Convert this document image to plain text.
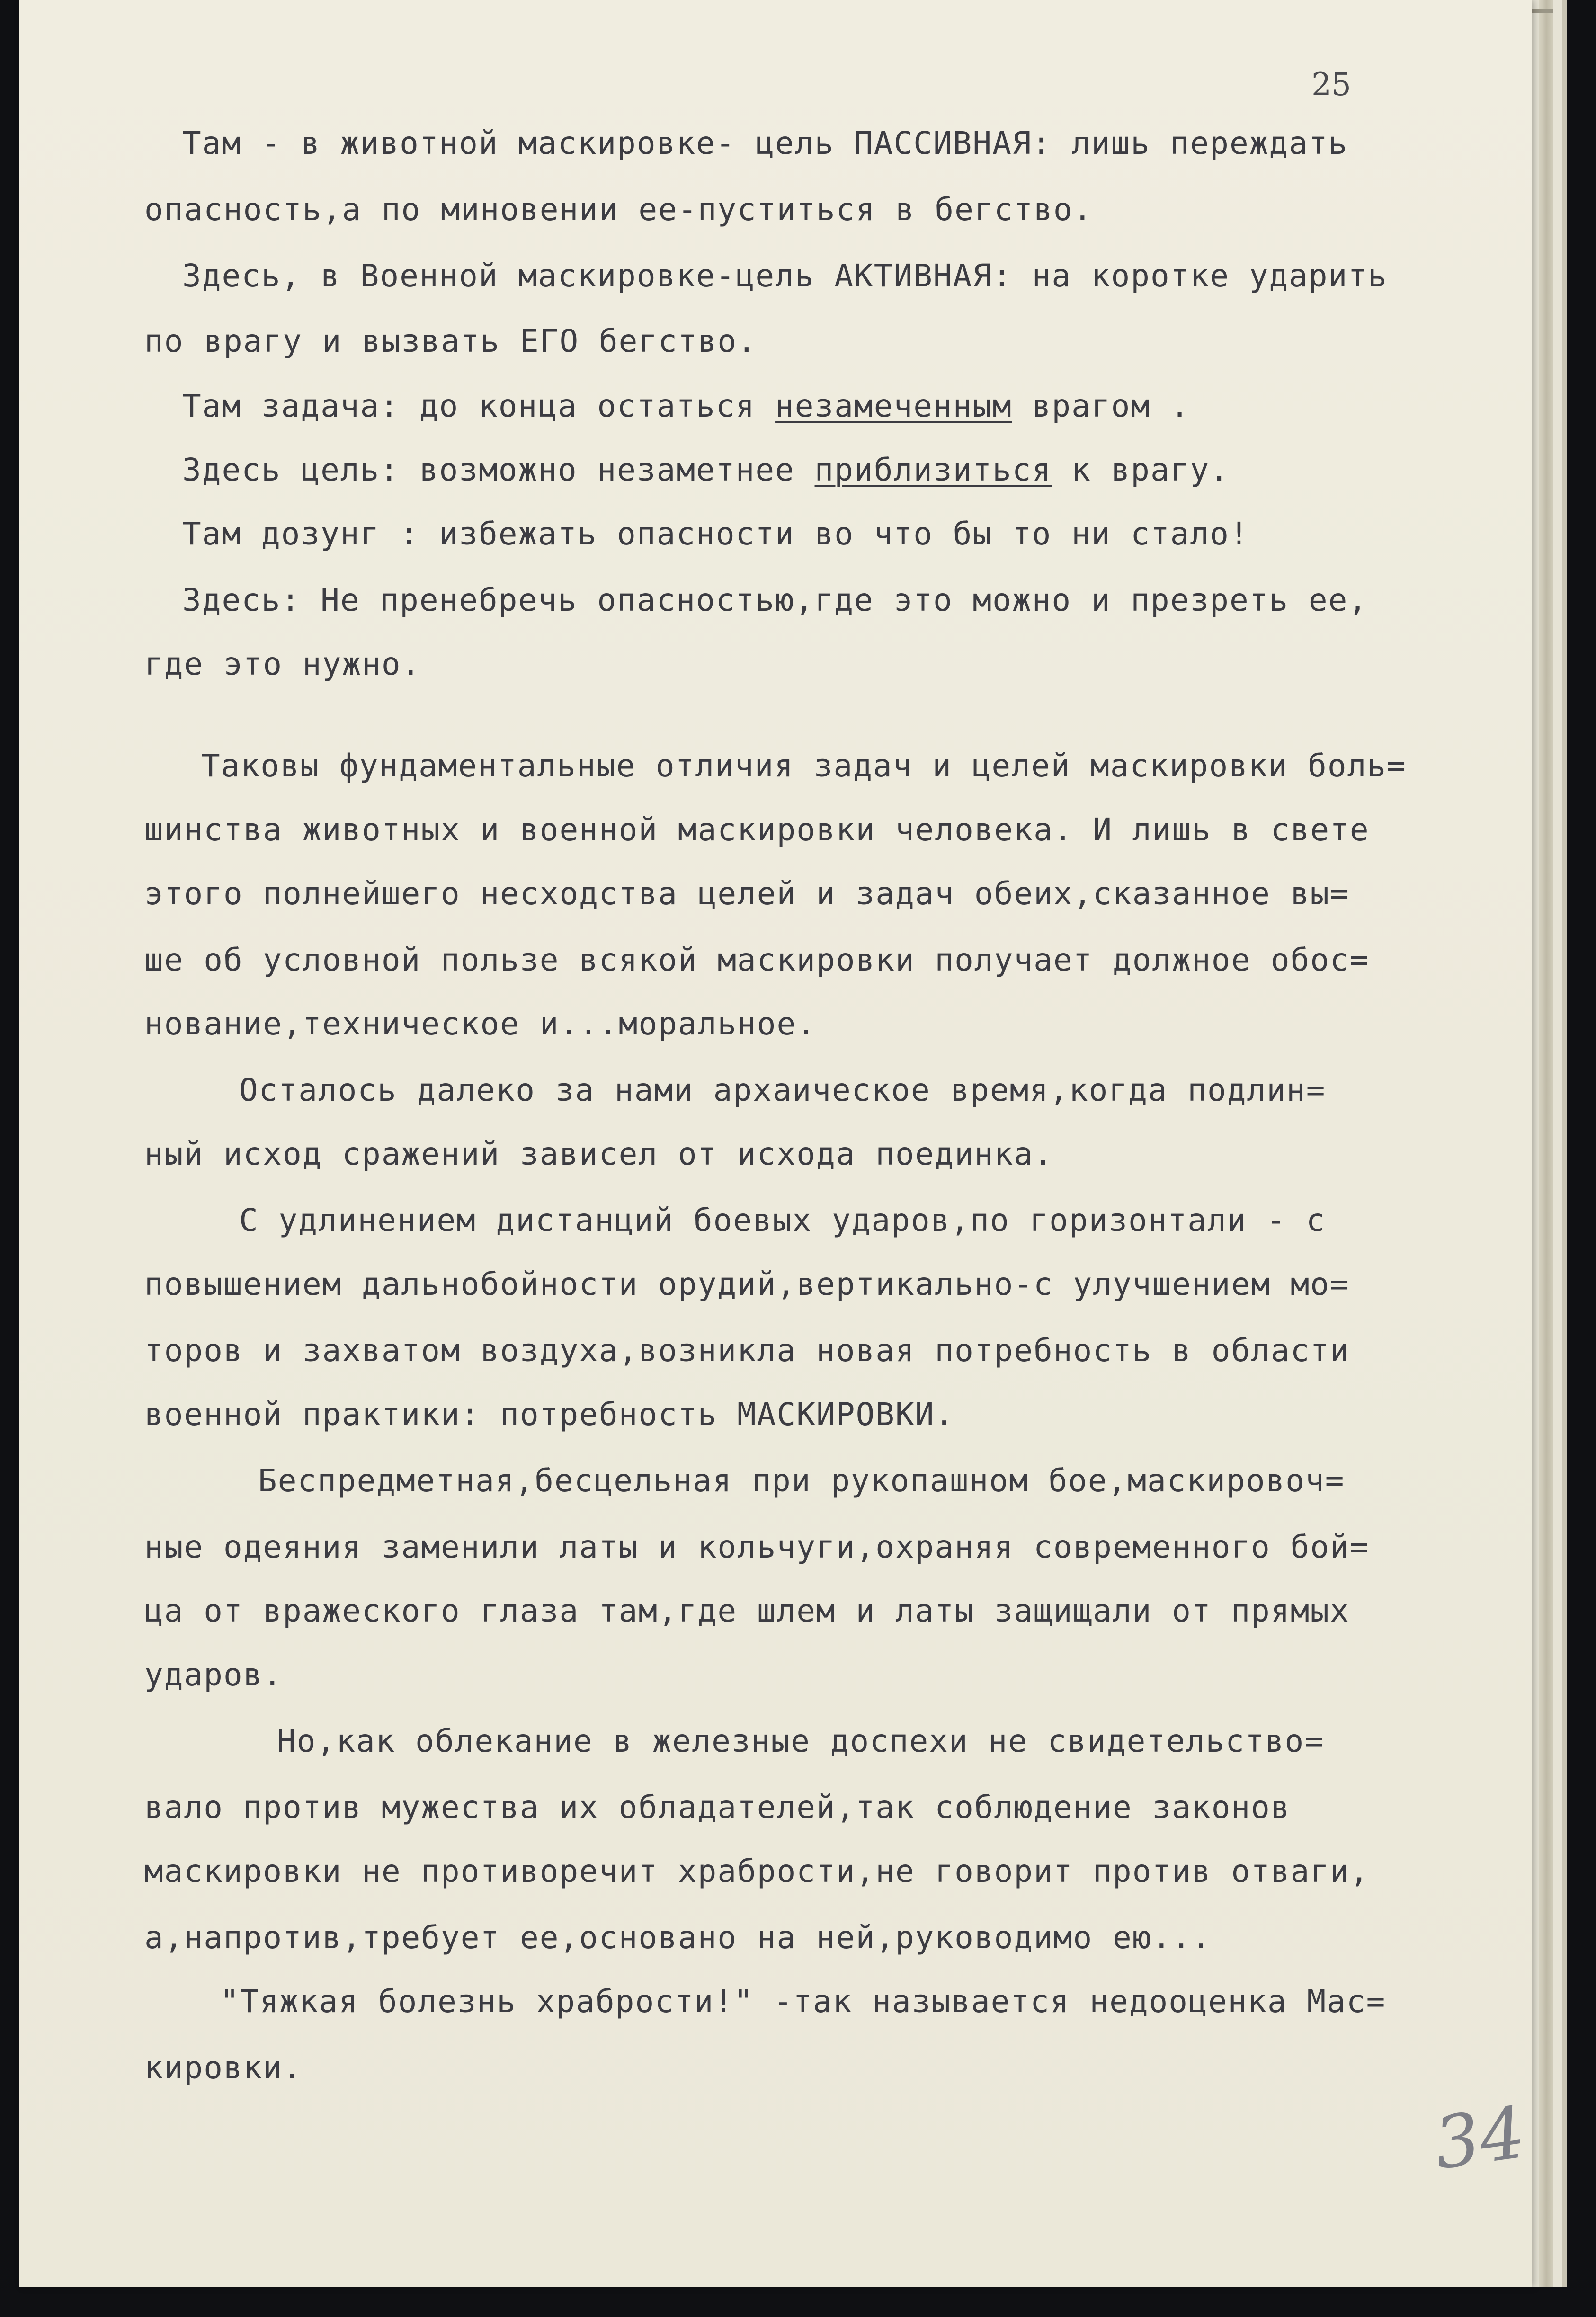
25
Там - в животной маскировке- цель ПАССИВНАЯ: лишь переждать
опасность,а по миновении ее-пуститься в бегство.
Здесь, в Военной маскировке-цель АКТИВНАЯ: на коротке ударить
по врагу и вызвать ЕГО бегство.
Там задача: до конца остаться незамеченным врагом .
Здесь цель: возможно незаметнее приблизиться к врагу.
Там дозунг : избежать опасности во что бы то ни стало!
Здесь: Не пренебречь опасностью,где это можно и презреть ее,
где это нужно.
Таковы фундаментальные отличия задач и целей маскировки боль=
шинства животных и военной маскировки человека. И лишь в свете
этого полнейшего несходства целей и задач обеих,сказанное вы=
ше об условной пользе всякой маскировки получает должное обос=
нование,техническое и...моральное.
Осталось далеко за нами архаическое время,когда подлин=
ный исход сражений зависел от исхода поединка.
С удлинением дистанций боевых ударов,по горизонтали - с
повышением дальнобойности орудий,вертикально-с улучшением мо=
торов и захватом воздуха,возникла новая потребность в области
военной практики: потребность МАСКИРОВКИ.
Беспредметная,бесцельная при рукопашном бое,маскировоч=
ные одеяния заменили латы и кольчуги,охраняя современного бой=
ца от вражеского глаза там,где шлем и латы защищали от прямых
ударов.
Но,как облекание в железные доспехи не свидетельство=
вало против мужества их обладателей,так соблюдение законов
маскировки не противоречит храбрости,не говорит против отваги,
а,напротив,требует ее,основано на ней,руководимо ею...
"Тяжкая болезнь храбрости!" -так называется недооценка Мас=
кировки.
34
